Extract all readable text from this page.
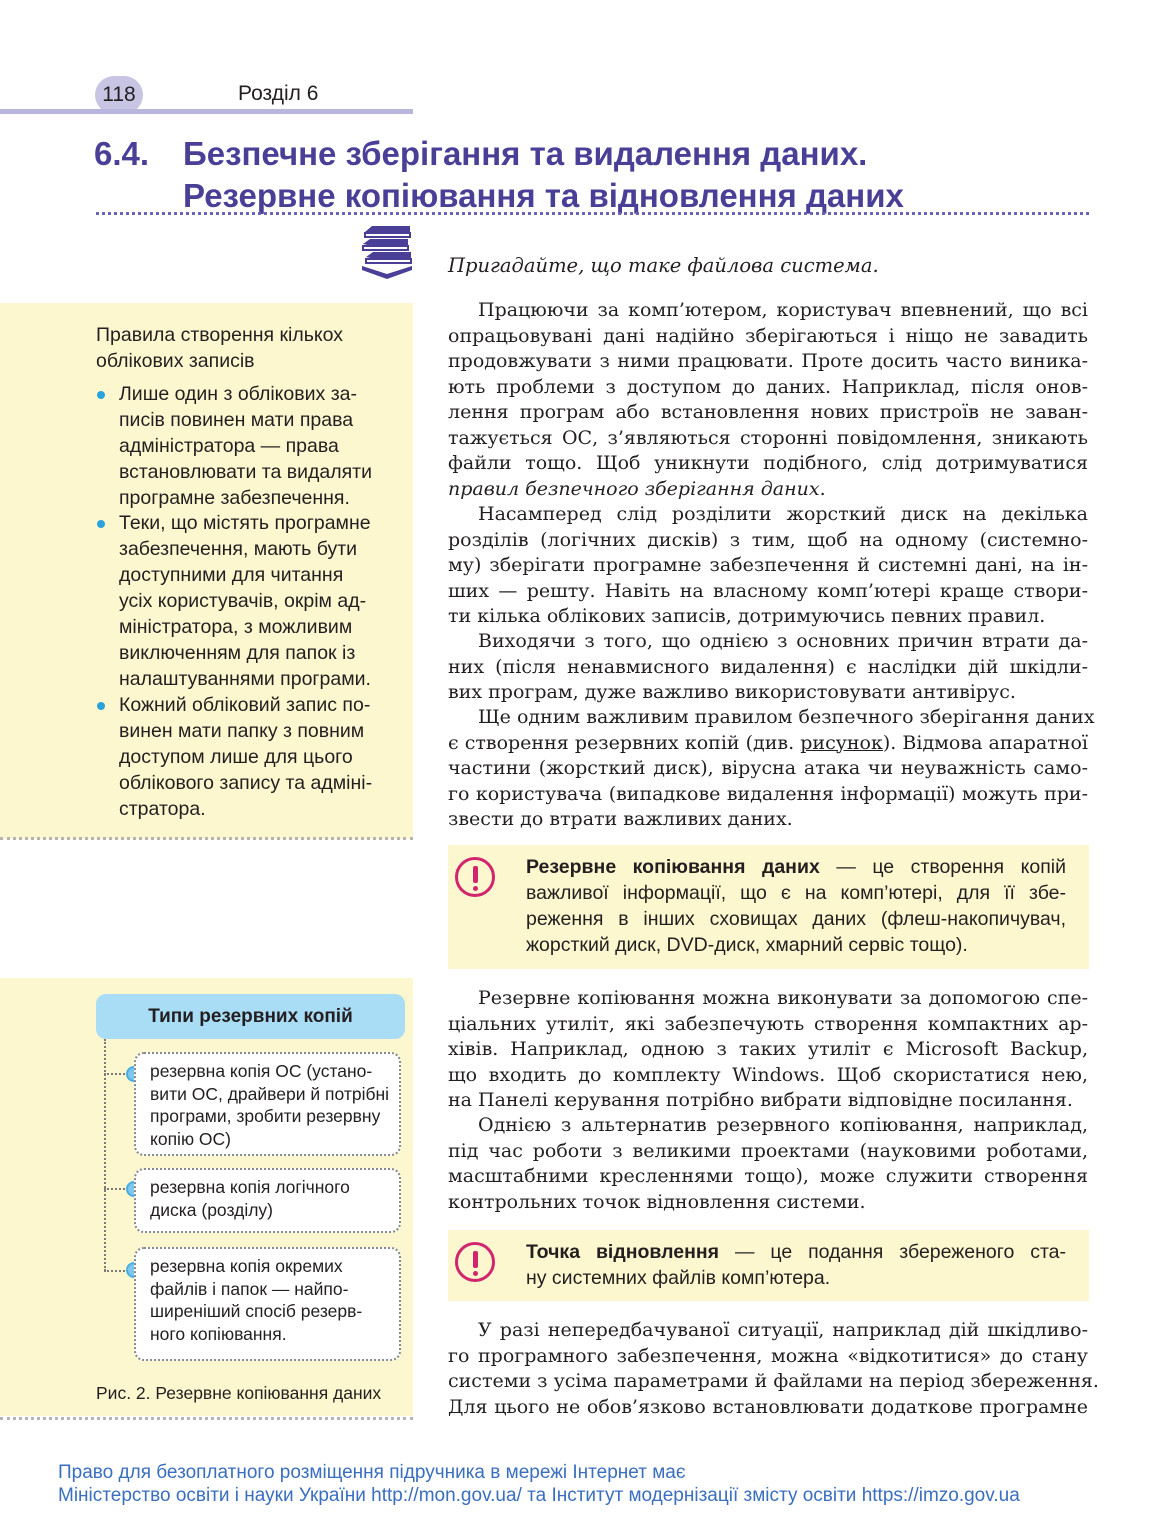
118	Розділ 6
6.4. Безпечне зберігання та видалення даних.
Резервне копіювання та відновлення даних
Пригадайте, що таке файлова система.
Правила створення кількох
облікових записів
Лише один з облікових за-
писів повинен мати права
адміністратора — права
встановлювати та видаляти
програмне забезпечення.
Теки, що містять програмне
забезпечення, мають бути
доступними для читання
усіх користувачів, окрім ад-
міністратора, з можливим
виключенням для папок із
налаштуваннями програми.
Кожний обліковий запис по-
винен мати папку з повним
доступом лише для цього
облікового запису та адміні-
стратора.
Працюючи за комп’ютером, користувач впевнений, що всі
опрацьовувані дані надійно зберігаються і ніщо не завадить
продовжувати з ними працювати. Проте досить часто виника-
ють проблеми з доступом до даних. Наприклад, після онов-
лення програм або встановлення нових пристроїв не заван-
тажується ОС, з’являються сторонні повідомлення, зникають
файли тощо. Щоб уникнути подібного, слід дотримуватися
правил безпечного зберігання даних.
Насамперед слід розділити жорсткий диск на декілька
розділів (логічних дисків) з тим, щоб на одному (системно-
му) зберігати програмне забезпечення й системні дані, на ін-
ших — решту. Навіть на власному комп’ютері краще створи-
ти кілька облікових записів, дотримуючись певних правил.
Виходячи з того, що однією з основних причин втрати да-
них (після ненавмисного видалення) є наслідки дій шкідли-
вих програм, дуже важливо використовувати антивірус.
Ще одним важливим правилом безпечного зберігання даних
є створення резервних копій (див. рисунок). Відмова апаратної
частини (жорсткий диск), вірусна атака чи неуважність само-
го користувача (випадкове видалення інформації) можуть при-
звести до втрати важливих даних.
Резервне копіювання даних — це створення копій
важливої інформації, що є на комп’ютері, для її збе-
реження в інших сховищах даних (флеш-накопичувач,
жорсткий диск, DVD-диск, хмарний сервіс тощо).
Резервне копіювання можна виконувати за допомогою спе-
ціальних утиліт, які забезпечують створення компактних ар-
хівів. Наприклад, одною з таких утиліт є Microsoft Backup,
що входить до комплекту Windows. Щоб скористатися нею,
на Панелі керування потрібно вибрати відповідне посилання.
Однією з альтернатив резервного копіювання, наприклад,
під час роботи з великими проектами (науковими роботами,
масштабними кресленнями тощо), може служити створення
контрольних точок відновлення системи.
Точка відновлення — це подання збереженого ста-
ну системних файлів комп’ютера.
У разі непередбачуваної ситуації, наприклад дій шкідливо-
го програмного забезпечення, можна «відкотитися» до стану
системи з усіма параметрами й файлами на період збереження.
Для цього не обов’язково встановлювати додаткове програмне
Типи резервних копій
резервна копія ОС (устано-
вити ОС, драйвери й потрібні
програми, зробити резервну
копію ОС)
резервна копія логічного
диска (розділу)
резервна копія окремих
файлів і папок — найпо-
ширеніший спосіб резерв-
ного копіювання.
Рис. 2. Резервне копіювання даних
Право для безоплатного розміщення підручника в мережі Інтернет має
Міністерство освіти і науки України http://mon.gov.ua/ та Інститут модернізації змісту освіти https://imzo.gov.ua
